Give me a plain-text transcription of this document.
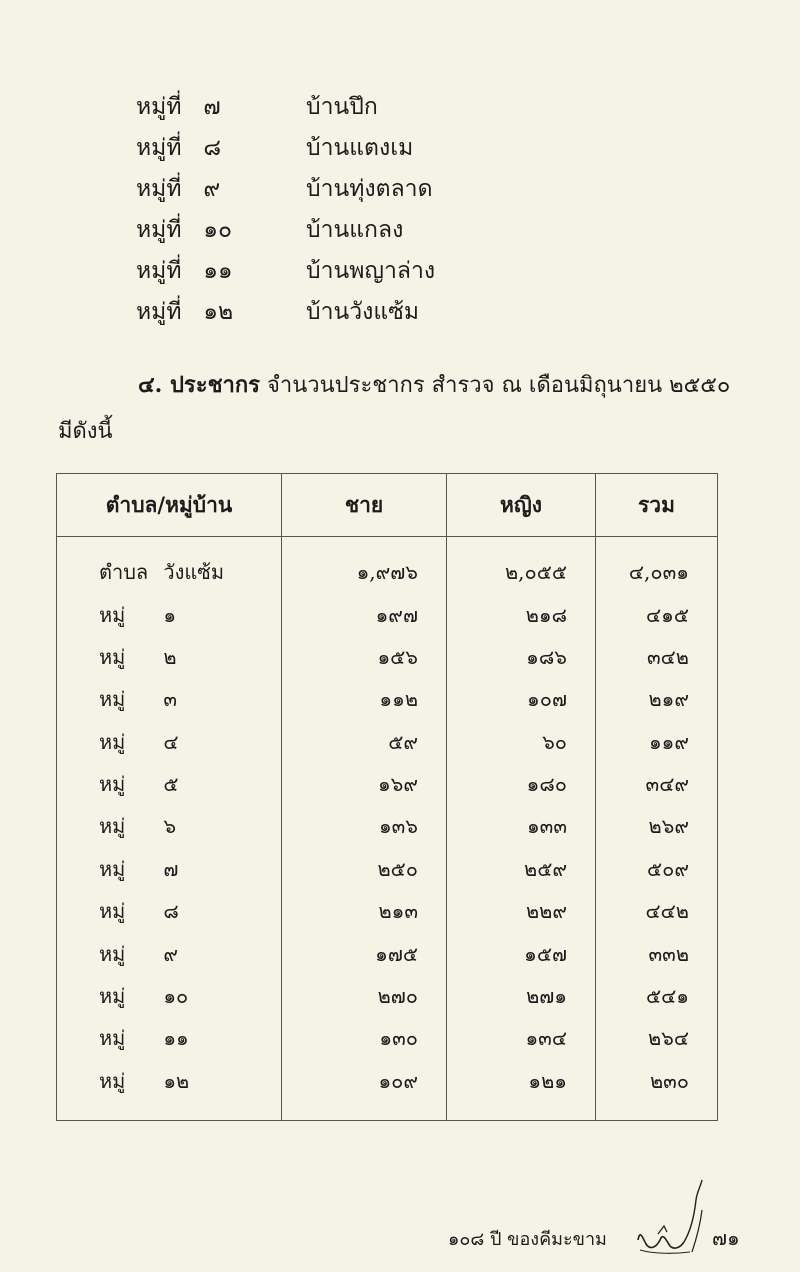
หมู่ที่ ๗	บ้านปึก
หมู่ที่ ๘	บ้านแตงเม
หมู่ที่ ๙	บ้านทุ่งตลาด
หมู่ที่ ๑๐	บ้านแกลง
หมู่ที่ ๑๑	บ้านพญาล่าง
หมู่ที่ ๑๒	บ้านวังแซ้ม
๔. ประชากร จำนวนประชากร สำรวจ ณ เดือนมิถุนายน ๒๕๕๐
มีดังนี้
ตำบล/หมู่บ้าน	ชาย	หญิง	รวม
ตำบล วังแซ้ม	๑,๙๗๖	๒,๐๕๕	๔,๐๓๑
หมู่ ๑	๑๙๗	๒๑๘	๔๑๕
หมู่ ๒	๑๕๖	๑๘๖	๓๔๒
หมู่ ๓	๑๑๒	๑๐๗	๒๑๙
หมู่ ๔	๕๙	๖๐	๑๑๙
หมู่ ๕	๑๖๙	๑๘๐	๓๔๙
หมู่ ๖	๑๓๖	๑๓๓	๒๖๙
หมู่ ๗	๒๕๐	๒๕๙	๕๐๙
หมู่ ๘	๒๑๓	๒๒๙	๔๔๒
หมู่ ๙	๑๗๕	๑๕๗	๓๓๒
หมู่ ๑๐	๒๗๐	๒๗๑	๕๔๑
หมู่ ๑๑	๑๓๐	๑๓๔	๒๖๔
หมู่ ๑๒	๑๐๙	๑๒๑	๒๓๐
๑๐๘ ปี ของคีมะขาม	๗๑
